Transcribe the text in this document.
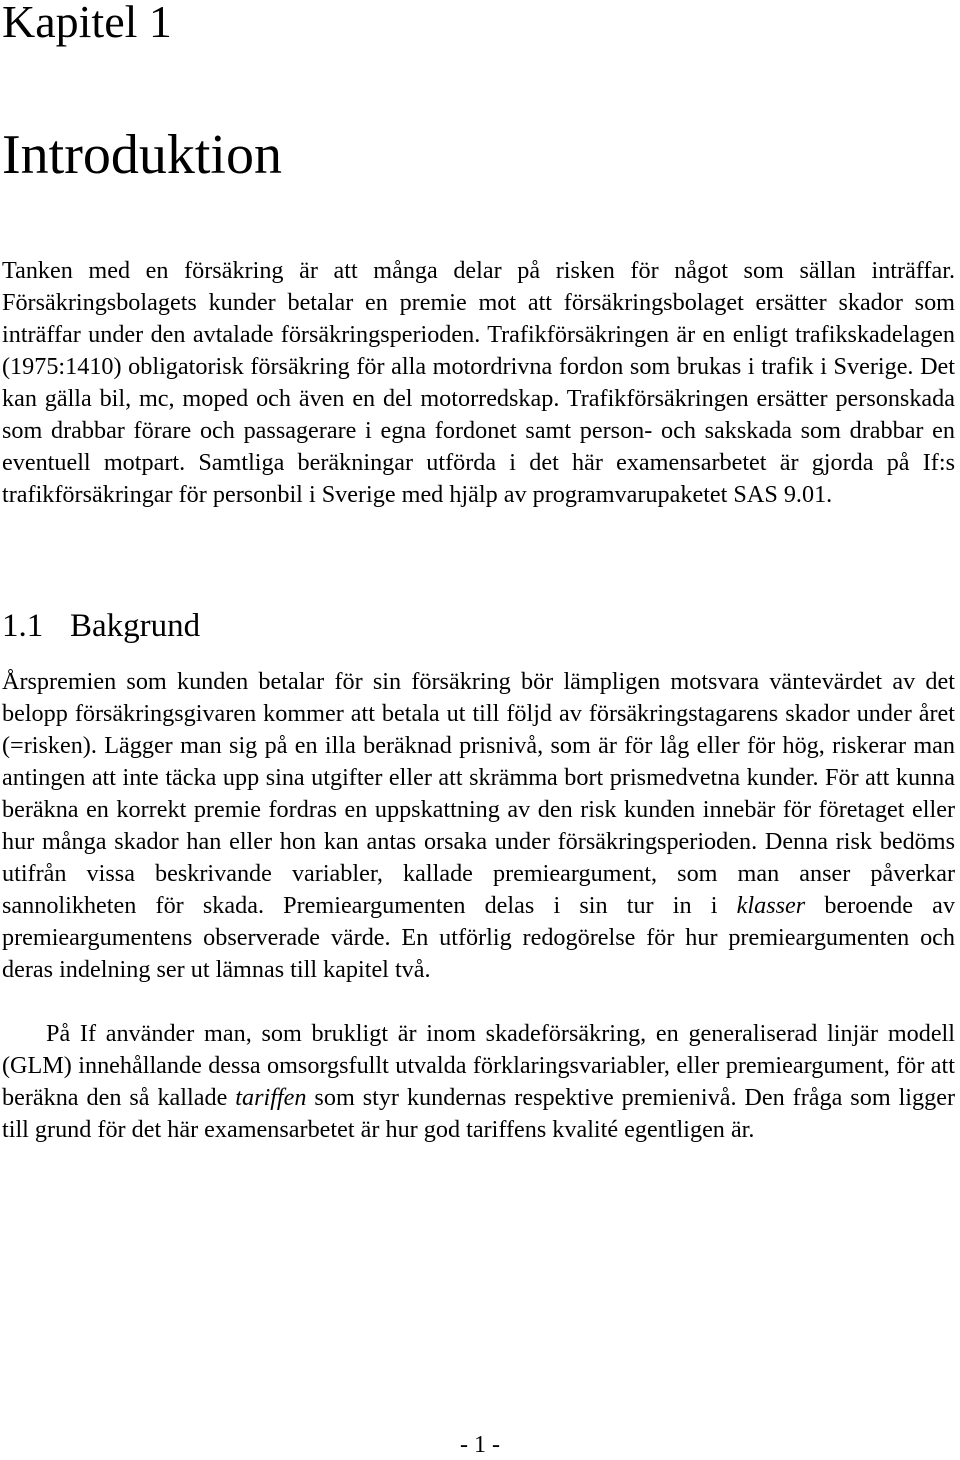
Kapitel 1
Introduktion

Tanken med en försäkring är att många delar på risken för något som sällan inträffar. Försäkringsbolagets kunder betalar en premie mot att försäkringsbolaget ersätter skador som inträffar under den avtalade försäkringsperioden. Trafikförsäkringen är en enligt trafikskadelagen (1975:1410) obligatorisk försäkring för alla motordrivna fordon som brukas i trafik i Sverige. Det kan gälla bil, mc, moped och även en del motorredskap. Trafikförsäkringen ersätter personskada som drabbar förare och passagerare i egna fordonet samt person- och sakskada som drabbar en eventuell motpart. Samtliga beräkningar utförda i det här examensarbetet är gjorda på If:s trafikförsäkringar för personbil i Sverige med hjälp av programvarupaketet SAS 9.01.

1.1 Bakgrund

Årspremien som kunden betalar för sin försäkring bör lämpligen motsvara väntevärdet av det belopp försäkringsgivaren kommer att betala ut till följd av försäkringstagarens skador under året (=risken). Lägger man sig på en illa beräknad prisnivå, som är för låg eller för hög, riskerar man antingen att inte täcka upp sina utgifter eller att skrämma bort prismedvetna kunder. För att kunna beräkna en korrekt premie fordras en uppskattning av den risk kunden innebär för företaget eller hur många skador han eller hon kan antas orsaka under försäkringsperioden. Denna risk bedöms utifrån vissa beskrivande variabler, kallade premieargument, som man anser påverkar sannolikheten för skada. Premieargumenten delas i sin tur in i klasser beroende av premieargumentens observerade värde. En utförlig redogörelse för hur premieargumenten och deras indelning ser ut lämnas till kapitel två.

På If använder man, som brukligt är inom skadeförsäkring, en generaliserad linjär modell (GLM) innehållande dessa omsorgsfullt utvalda förklaringsvariabler, eller premieargument, för att beräkna den så kallade tariffen som styr kundernas respektive premienivå. Den fråga som ligger till grund för det här examensarbetet är hur god tariffens kvalité egentligen är.

- 1 -
